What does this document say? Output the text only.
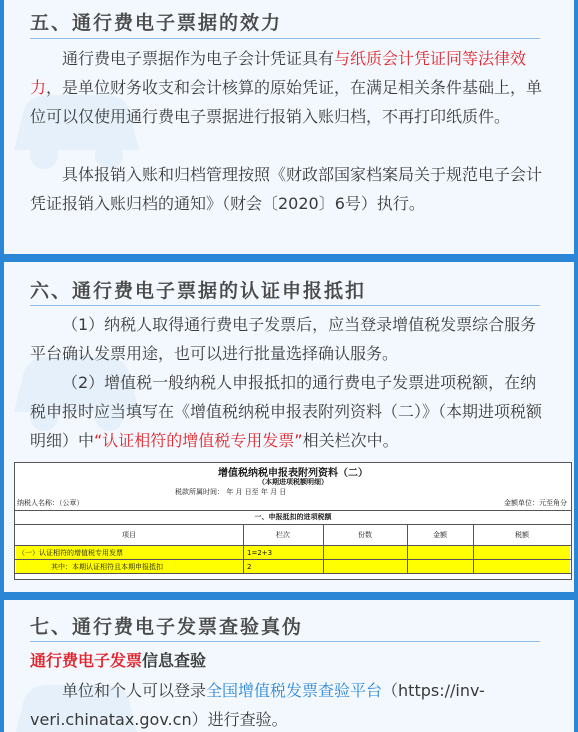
五、通行费电子票据的效力

通行费电子票据作为电子会计凭证具有与纸质会计凭证同等法律效力，是单位财务收支和会计核算的原始凭证，在满足相关条件基础上，单位可以仅使用通行费电子票据进行报销入账归档，不再打印纸质件。

具体报销入账和归档管理按照《财政部国家档案局关于规范电子会计凭证报销入账归档的通知》（财会〔2020〕6号）执行。

六、通行费电子票据的认证申报抵扣

（1）纳税人取得通行费电子发票后，应当登录增值税发票综合服务平台确认发票用途，也可以进行批量选择确认服务。

（2）增值税一般纳税人申报抵扣的通行费电子发票进项税额，在纳税申报时应当填写在《增值税纳税申报表附列资料（二）》（本期进项税额明细）中“认证相符的增值税专用发票”相关栏次中。

增值税纳税申报表附列资料（二）
（本期进项税额明细）
税款所属时间： 年 月 日至 年 月 日
纳税人名称：（公章）	金额单位：元至角分
一、申报抵扣的进项税额
项目	栏次	份数	金额	税额
（一）认证相符的增值税专用发票	1=2+3
其中：本期认证相符且本期申报抵扣	2
七、通行费电子发票查验真伪

通行费电子发票信息查验

单位和个人可以登录全国增值税发票查验平台（https://inv-veri.chinatax.gov.cn）进行查验。
